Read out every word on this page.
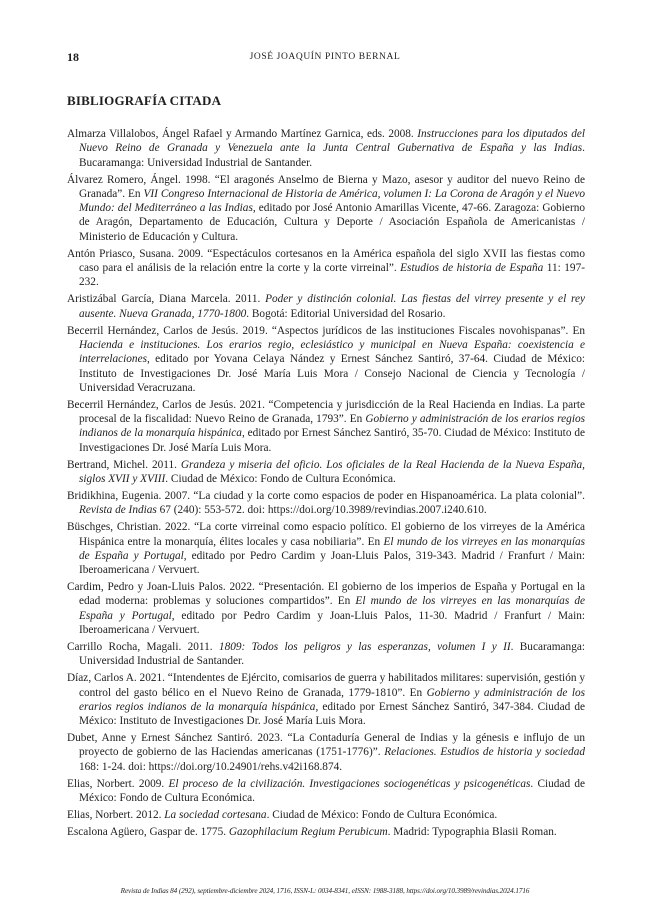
18	JOSÉ JOAQUÍN PINTO BERNAL
BIBLIOGRAFÍA CITADA

Almarza Villalobos, Ángel Rafael y Armando Martínez Garnica, eds. 2008. Instrucciones para los diputados del Nuevo Reino de Granada y Venezuela ante la Junta Central Gubernativa de España y las Indias. Bucaramanga: Universidad Industrial de Santander.

Álvarez Romero, Ángel. 1998. “El aragonés Anselmo de Bierna y Mazo, asesor y auditor del nuevo Reino de Granada”. En VII Congreso Internacional de Historia de América, volumen I: La Corona de Aragón y el Nuevo Mundo: del Mediterráneo a las Indias, editado por José Antonio Amarillas Vicente, 47-66. Zaragoza: Gobierno de Aragón, Departamento de Educación, Cultura y Deporte / Asociación Española de Americanistas / Ministerio de Educación y Cultura.

Antón Priasco, Susana. 2009. “Espectáculos cortesanos en la América española del siglo XVII las fiestas como caso para el análisis de la relación entre la corte y la corte virreinal”. Estudios de historia de España 11: 197-232.

Aristizábal García, Diana Marcela. 2011. Poder y distinción colonial. Las fiestas del virrey presente y el rey ausente. Nueva Granada, 1770-1800. Bogotá: Editorial Universidad del Rosario.

Becerril Hernández, Carlos de Jesús. 2019. “Aspectos jurídicos de las instituciones Fiscales novohispanas”. En Hacienda e instituciones. Los erarios regio, eclesiástico y municipal en Nueva España: coexistencia e interrelaciones, editado por Yovana Celaya Nández y Ernest Sánchez Santiró, 37-64. Ciudad de México: Instituto de Investigaciones Dr. José María Luis Mora / Consejo Nacional de Ciencia y Tecnología / Universidad Veracruzana.

Becerril Hernández, Carlos de Jesús. 2021. “Competencia y jurisdicción de la Real Hacienda en Indias. La parte procesal de la fiscalidad: Nuevo Reino de Granada, 1793”. En Gobierno y administración de los erarios regios indianos de la monarquía hispánica, editado por Ernest Sánchez Santiró, 35-70. Ciudad de México: Instituto de Investigaciones Dr. José María Luis Mora.

Bertrand, Michel. 2011. Grandeza y miseria del oficio. Los oficiales de la Real Hacienda de la Nueva España, siglos XVII y XVIII. Ciudad de México: Fondo de Cultura Económica.

Bridikhina, Eugenia. 2007. “La ciudad y la corte como espacios de poder en Hispanoamérica. La plata colonial”. Revista de Indias 67 (240): 553-572. doi: https://doi.org/10.3989/revindias.2007.i240.610.

Büschges, Christian. 2022. “La corte virreinal como espacio político. El gobierno de los virreyes de la América Hispánica entre la monarquía, élites locales y casa nobiliaria”. En El mundo de los virreyes en las monarquías de España y Portugal, editado por Pedro Cardim y Joan-Lluis Palos, 319-343. Madrid / Franfurt / Main: Iberoamericana / Vervuert.

Cardim, Pedro y Joan-Lluis Palos. 2022. “Presentación. El gobierno de los imperios de España y Portugal en la edad moderna: problemas y soluciones compartidos”. En El mundo de los virreyes en las monarquías de España y Portugal, editado por Pedro Cardim y Joan-Lluis Palos, 11-30. Madrid / Franfurt / Main: Iberoamericana / Vervuert.

Carrillo Rocha, Magali. 2011. 1809: Todos los peligros y las esperanzas, volumen I y II. Bucaramanga: Universidad Industrial de Santander.

Díaz, Carlos A. 2021. “Intendentes de Ejército, comisarios de guerra y habilitados militares: supervisión, gestión y control del gasto bélico en el Nuevo Reino de Granada, 1779-1810”. En Gobierno y administración de los erarios regios indianos de la monarquía hispánica, editado por Ernest Sánchez Santiró, 347-384. Ciudad de México: Instituto de Investigaciones Dr. José María Luis Mora.

Dubet, Anne y Ernest Sánchez Santiró. 2023. “La Contaduría General de Indias y la génesis e influjo de un proyecto de gobierno de las Haciendas americanas (1751-1776)”. Relaciones. Estudios de historia y sociedad 168: 1-24. doi: https://doi.org/10.24901/rehs.v42i168.874.

Elias, Norbert. 2009. El proceso de la civilización. Investigaciones sociogenéticas y psicogenéticas. Ciudad de México: Fondo de Cultura Económica.

Elias, Norbert. 2012. La sociedad cortesana. Ciudad de México: Fondo de Cultura Económica.

Escalona Agüero, Gaspar de. 1775. Gazophilacium Regium Perubicum. Madrid: Typographia Blasii Roman.

Revista de Indias 84 (292), septiembre-diciembre 2024, 1716, ISSN-L: 0034-8341, eISSN: 1988-3188, https://doi.org/10.3989/revindias.2024.1716
